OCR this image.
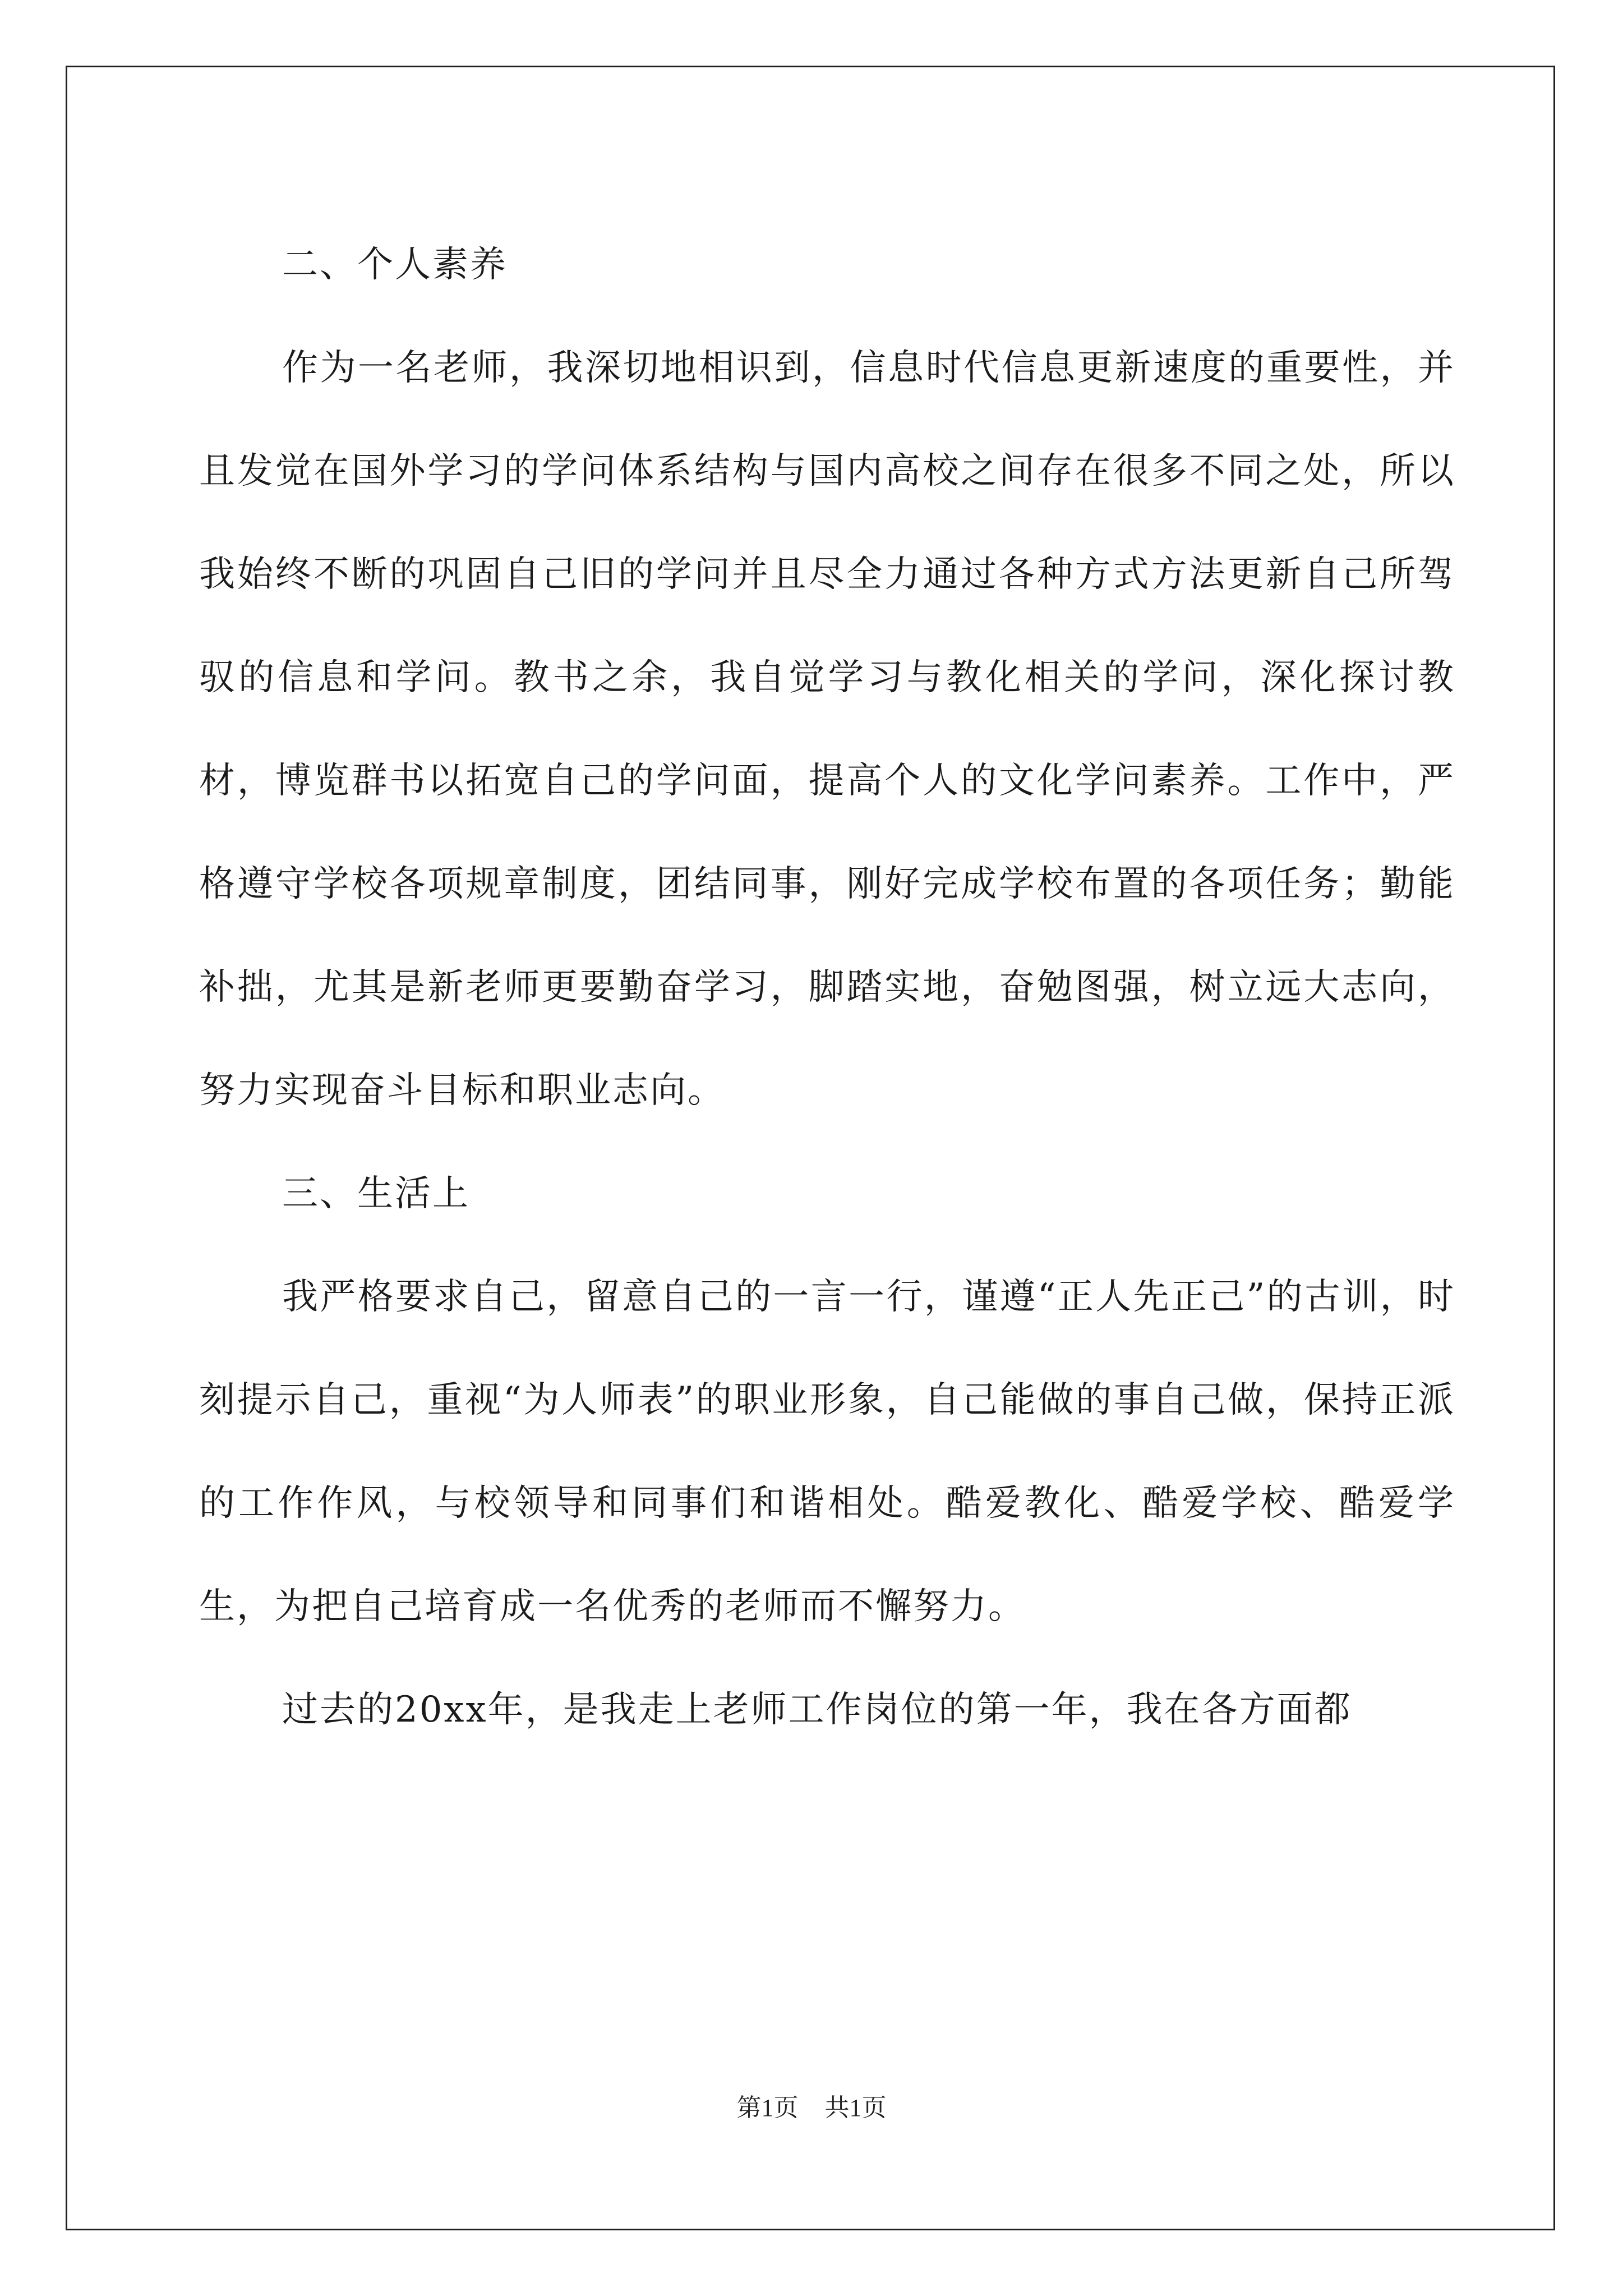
二、个人素养

作为一名老师，我深切地相识到，信息时代信息更新速度的重要性，并且发觉在国外学习的学问体系结构与国内高校之间存在很多不同之处，所以我始终不断的巩固自己旧的学问并且尽全力通过各种方式方法更新自己所驾驭的信息和学问。教书之余，我自觉学习与教化相关的学问，深化探讨教材，博览群书以拓宽自己的学问面，提高个人的文化学问素养。工作中，严格遵守学校各项规章制度，团结同事，刚好完成学校布置的各项任务；勤能补拙，尤其是新老师更要勤奋学习，脚踏实地，奋勉图强，树立远大志向，努力实现奋斗目标和职业志向。

三、生活上

我严格要求自己，留意自己的一言一行，谨遵“正人先正己”的古训，时刻提示自己，重视“为人师表”的职业形象，自己能做的事自己做，保持正派的工作作风，与校领导和同事们和谐相处。酷爱教化、酷爱学校、酷爱学生，为把自己培育成一名优秀的老师而不懈努力。

过去的20xx年，是我走上老师工作岗位的第一年，我在各方面都

第1页 共1页
